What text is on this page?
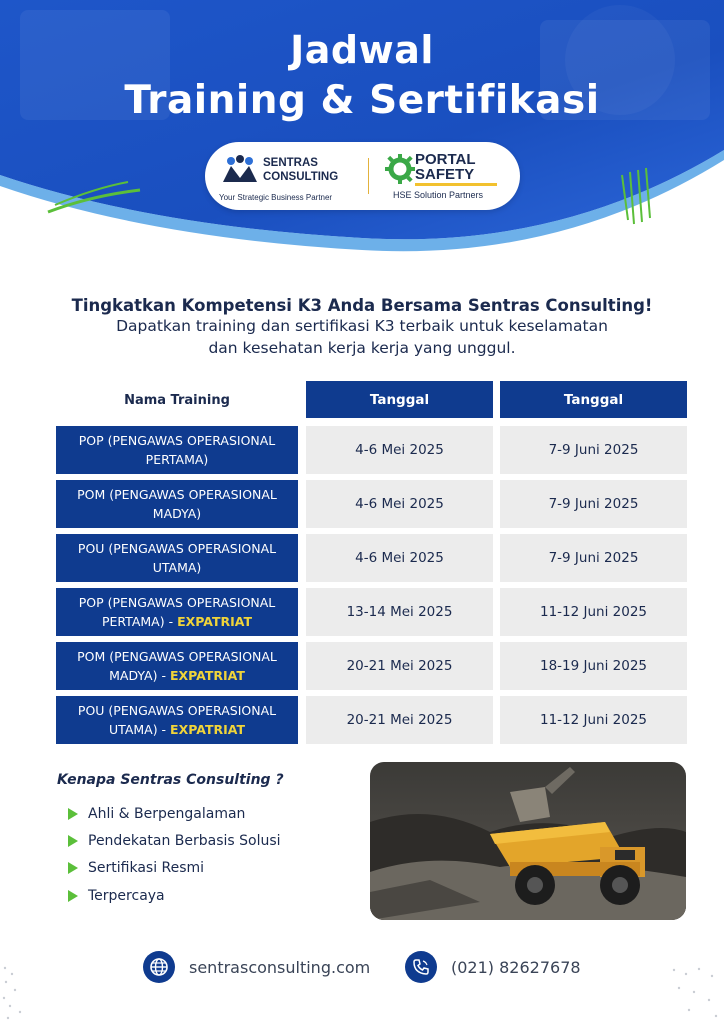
Jadwal
Training & Sertifikasi
SENTRAS
CONSULTING
Your Strategic Business Partner
PORTAL
SAFETY
HSE Solution Partners
Tingkatkan Kompetensi K3 Anda Bersama Sentras Consulting!
Dapatkan training dan sertifikasi K3 terbaik untuk keselamatan
dan kesehatan kerja kerja yang unggul.
Nama Training	Tanggal	Tanggal
POP (PENGAWAS OPERASIONAL
PERTAMA)
4-6 Mei 2025	7-9 Juni 2025
POM (PENGAWAS OPERASIONAL
MADYA)
4-6 Mei 2025	7-9 Juni 2025
POU (PENGAWAS OPERASIONAL
UTAMA)
4-6 Mei 2025	7-9 Juni 2025
POP (PENGAWAS OPERASIONAL
PERTAMA) - EXPATRIAT
13-14 Mei 2025	11-12 Juni 2025
POM (PENGAWAS OPERASIONAL
MADYA) - EXPATRIAT
20-21 Mei 2025	18-19 Juni 2025
POU (PENGAWAS OPERASIONAL
UTAMA) - EXPATRIAT
20-21 Mei 2025	11-12 Juni 2025
Kenapa Sentras Consulting ?
Ahli & Berpengalaman
Pendekatan Berbasis Solusi
Sertifikasi Resmi
Terpercaya
sentrasconsulting.com	(021) 82627678
